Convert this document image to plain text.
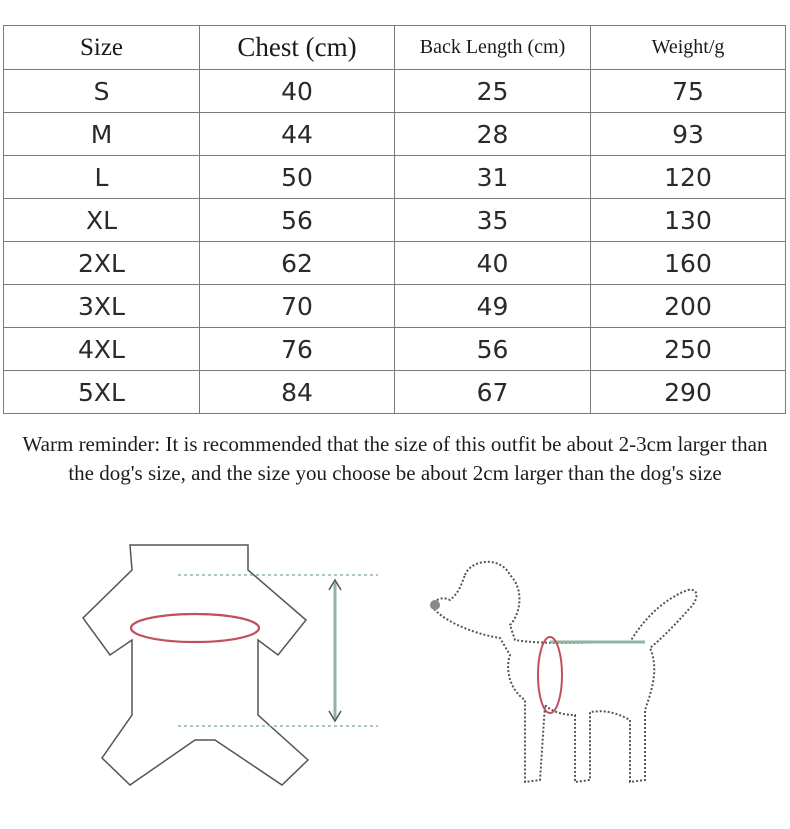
Size	Chest (cm)	Back Length (cm)	Weight/g
S	40	25	75
M	44	28	93
L	50	31	120
XL	56	35	130
2XL	62	40	160
3XL	70	49	200
4XL	76	56	250
5XL	84	67	290
Warm reminder: It is recommended that the size of this outfit be about 2-3cm larger than the dog's size, and the size you choose be about 2cm larger than the dog's size
